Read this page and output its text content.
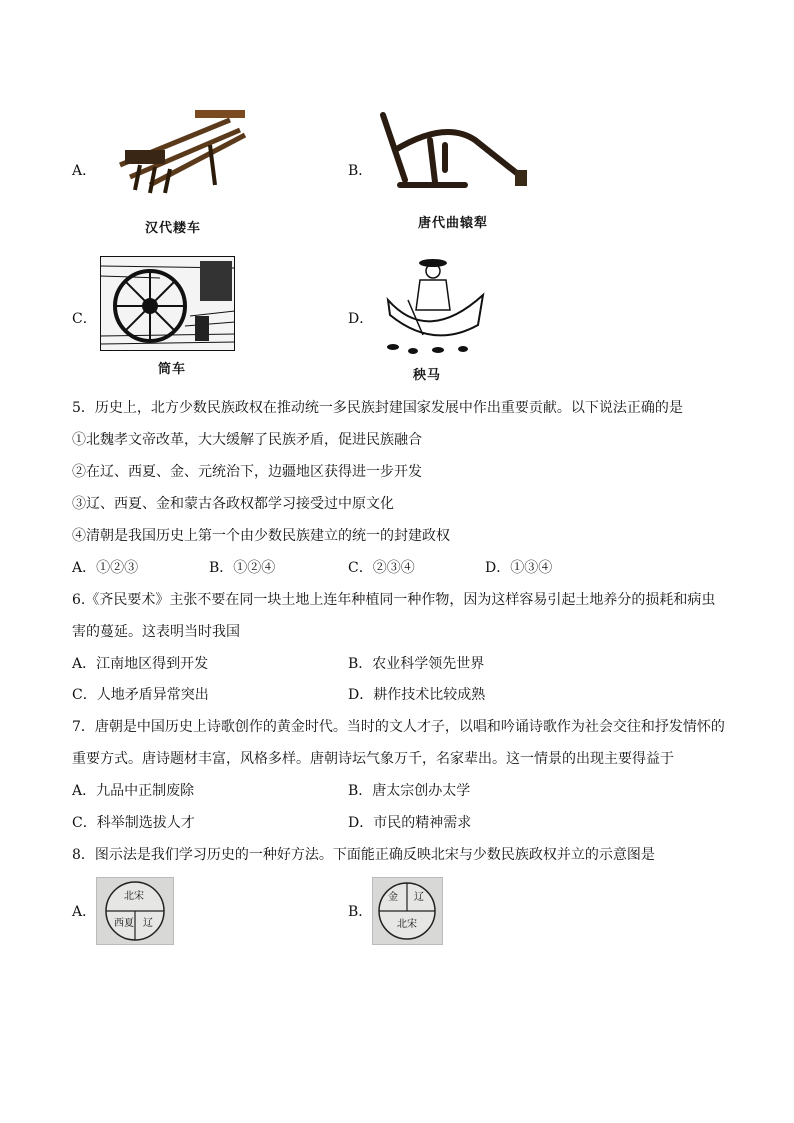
A．
汉代耧车
B．
唐代曲辕犁
C．
筒车
D．
秧马
5．历史上，北方少数民族政权在推动统一多民族封建国家发展中作出重要贡献。以下说法正确的是
①北魏孝文帝改革，大大缓解了民族矛盾，促进民族融合
②在辽、西夏、金、元统治下，边疆地区获得进一步开发
③辽、西夏、金和蒙古各政权都学习接受过中原文化
④清朝是我国历史上第一个由少数民族建立的统一的封建政权
A．①②③	B．①②④	C．②③④	D．①③④
6.《齐民要术》主张不要在同一块土地上连年种植同一种作物，因为这样容易引起土地养分的损耗和病虫
害的蔓延。这表明当时我国
A．江南地区得到开发	B．农业科学领先世界
C．人地矛盾异常突出	D．耕作技术比较成熟
7．唐朝是中国历史上诗歌创作的黄金时代。当时的文人才子，以唱和吟诵诗歌作为社会交往和抒发情怀的
重要方式。唐诗题材丰富，风格多样。唐朝诗坛气象万千，名家辈出。这一情景的出现主要得益于
A．九品中正制废除	B．唐太宗创办太学
C．科举制选拔人才	D．市民的精神需求
8．图示法是我们学习历史的一种好方法。下面能正确反映北宋与少数民族政权并立的示意图是
A．
北宋
西夏 辽
B．
金 辽
北宋
